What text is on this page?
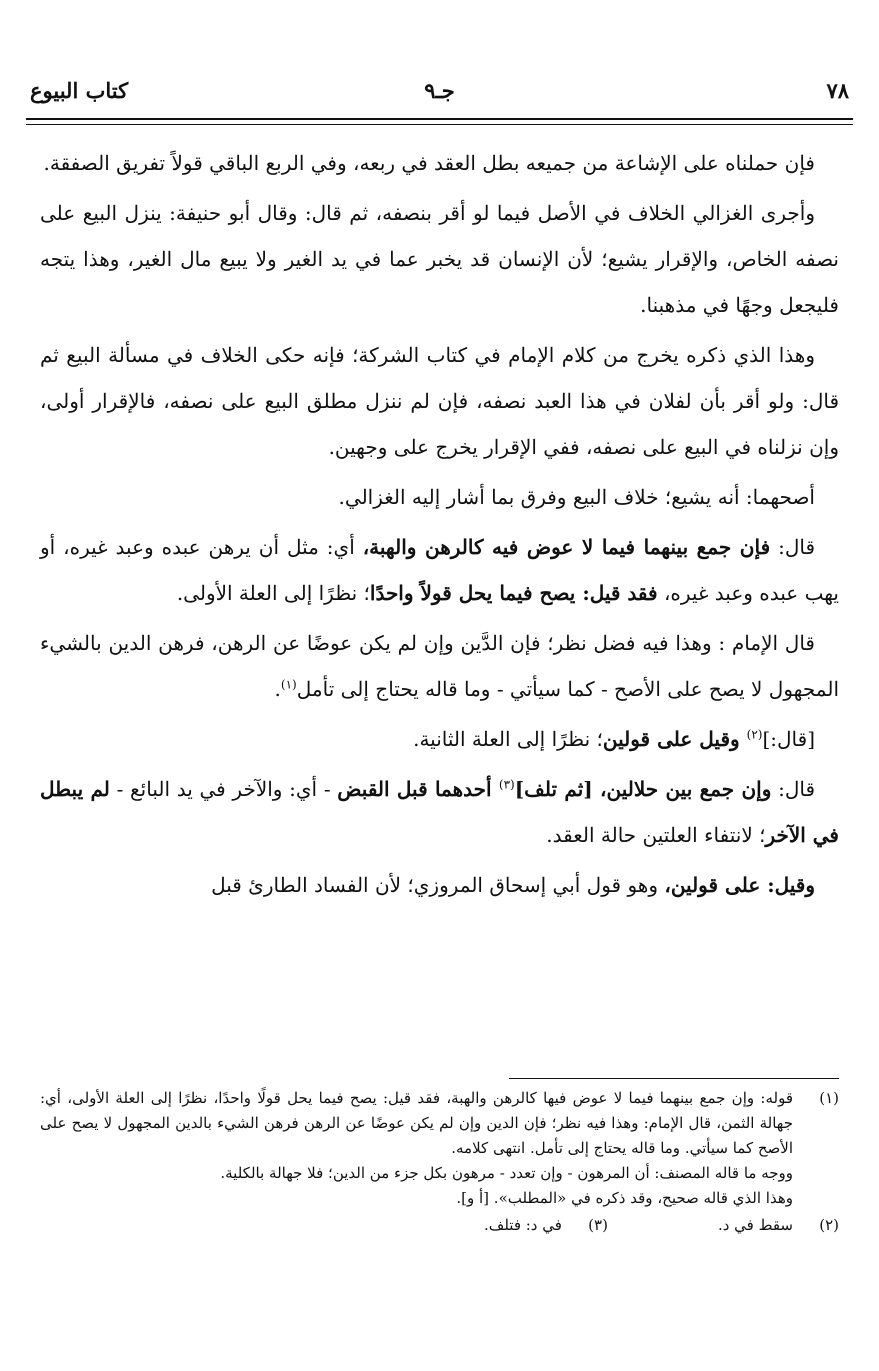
٧٨
جـ٩
كتاب البيوع

فإن حملناه على الإشاعة من جميعه بطل العقد في ربعه، وفي الربع الباقي قولاً تفريق الصفقة.

وأجرى الغزالي الخلاف في الأصل فيما لو أقر بنصفه، ثم قال: وقال أبو حنيفة: ينزل البيع على نصفه الخاص، والإقرار يشيع؛ لأن الإنسان قد يخبر عما في يد الغير ولا يبيع مال الغير، وهذا يتجه فليجعل وجهًا في مذهبنا.

وهذا الذي ذكره يخرج من كلام الإمام في كتاب الشركة؛ فإنه حكى الخلاف في مسألة البيع ثم قال: ولو أقر بأن لفلان في هذا العبد نصفه، فإن لم ننزل مطلق البيع على نصفه، فالإقرار أولى، وإن نزلناه في البيع على نصفه، ففي الإقرار يخرج على وجهين.

أصحهما: أنه يشيع؛ خلاف البيع وفرق بما أشار إليه الغزالي.

قال: فإن جمع بينهما فيما لا عوض فيه كالرهن والهبة، أي: مثل أن يرهن عبده وعبد غيره، أو يهب عبده وعبد غيره، فقد قيل: يصح فيما يحل قولاً واحدًا؛ نظرًا إلى العلة الأولى.

قال الإمام : وهذا فيه فضل نظر؛ فإن الدَّين وإن لم يكن عوضًا عن الرهن، فرهن الدين بالشيء المجهول لا يصح على الأصح - كما سيأتي - وما قاله يحتاج إلى تأمل$^{(١)}$.

[قال:]$^{(٢)}$ وقيل على قولين؛ نظرًا إلى العلة الثانية.

قال: وإن جمع بين حلالين، [ثم تلف]$^{(٣)}$ أحدهما قبل القبض - أي: والآخر في يد البائع - لم يبطل في الآخر؛ لانتفاء العلتين حالة العقد.

وقيل: على قولين، وهو قول أبي إسحاق المروزي؛ لأن الفساد الطارئ قبل

(١)
قوله: وإن جمع بينهما فيما لا عوض فيها كالرهن والهبة، فقد قيل: يصح فيما يحل قولًا واحدًا، نظرًا إلى العلة الأولى، أي: جهالة الثمن، قال الإمام: وهذا فيه نظر؛ فإن الدين وإن لم يكن عوضًا عن الرهن فرهن الشيء بالدين المجهول لا يصح على الأصح كما سيأتي. وما قاله يحتاج إلى تأمل. انتهى كلامه.
ووجه ما قاله المصنف: أن المرهون - وإن تعدد - مرهون بكل جزء من الدين؛ فلا جهالة بالكلية.
وهذا الذي قاله صحيح، وقد ذكره في «المطلب». [أ و].
(٢)
سقط في د.
(٣)
في د: فتلف.
